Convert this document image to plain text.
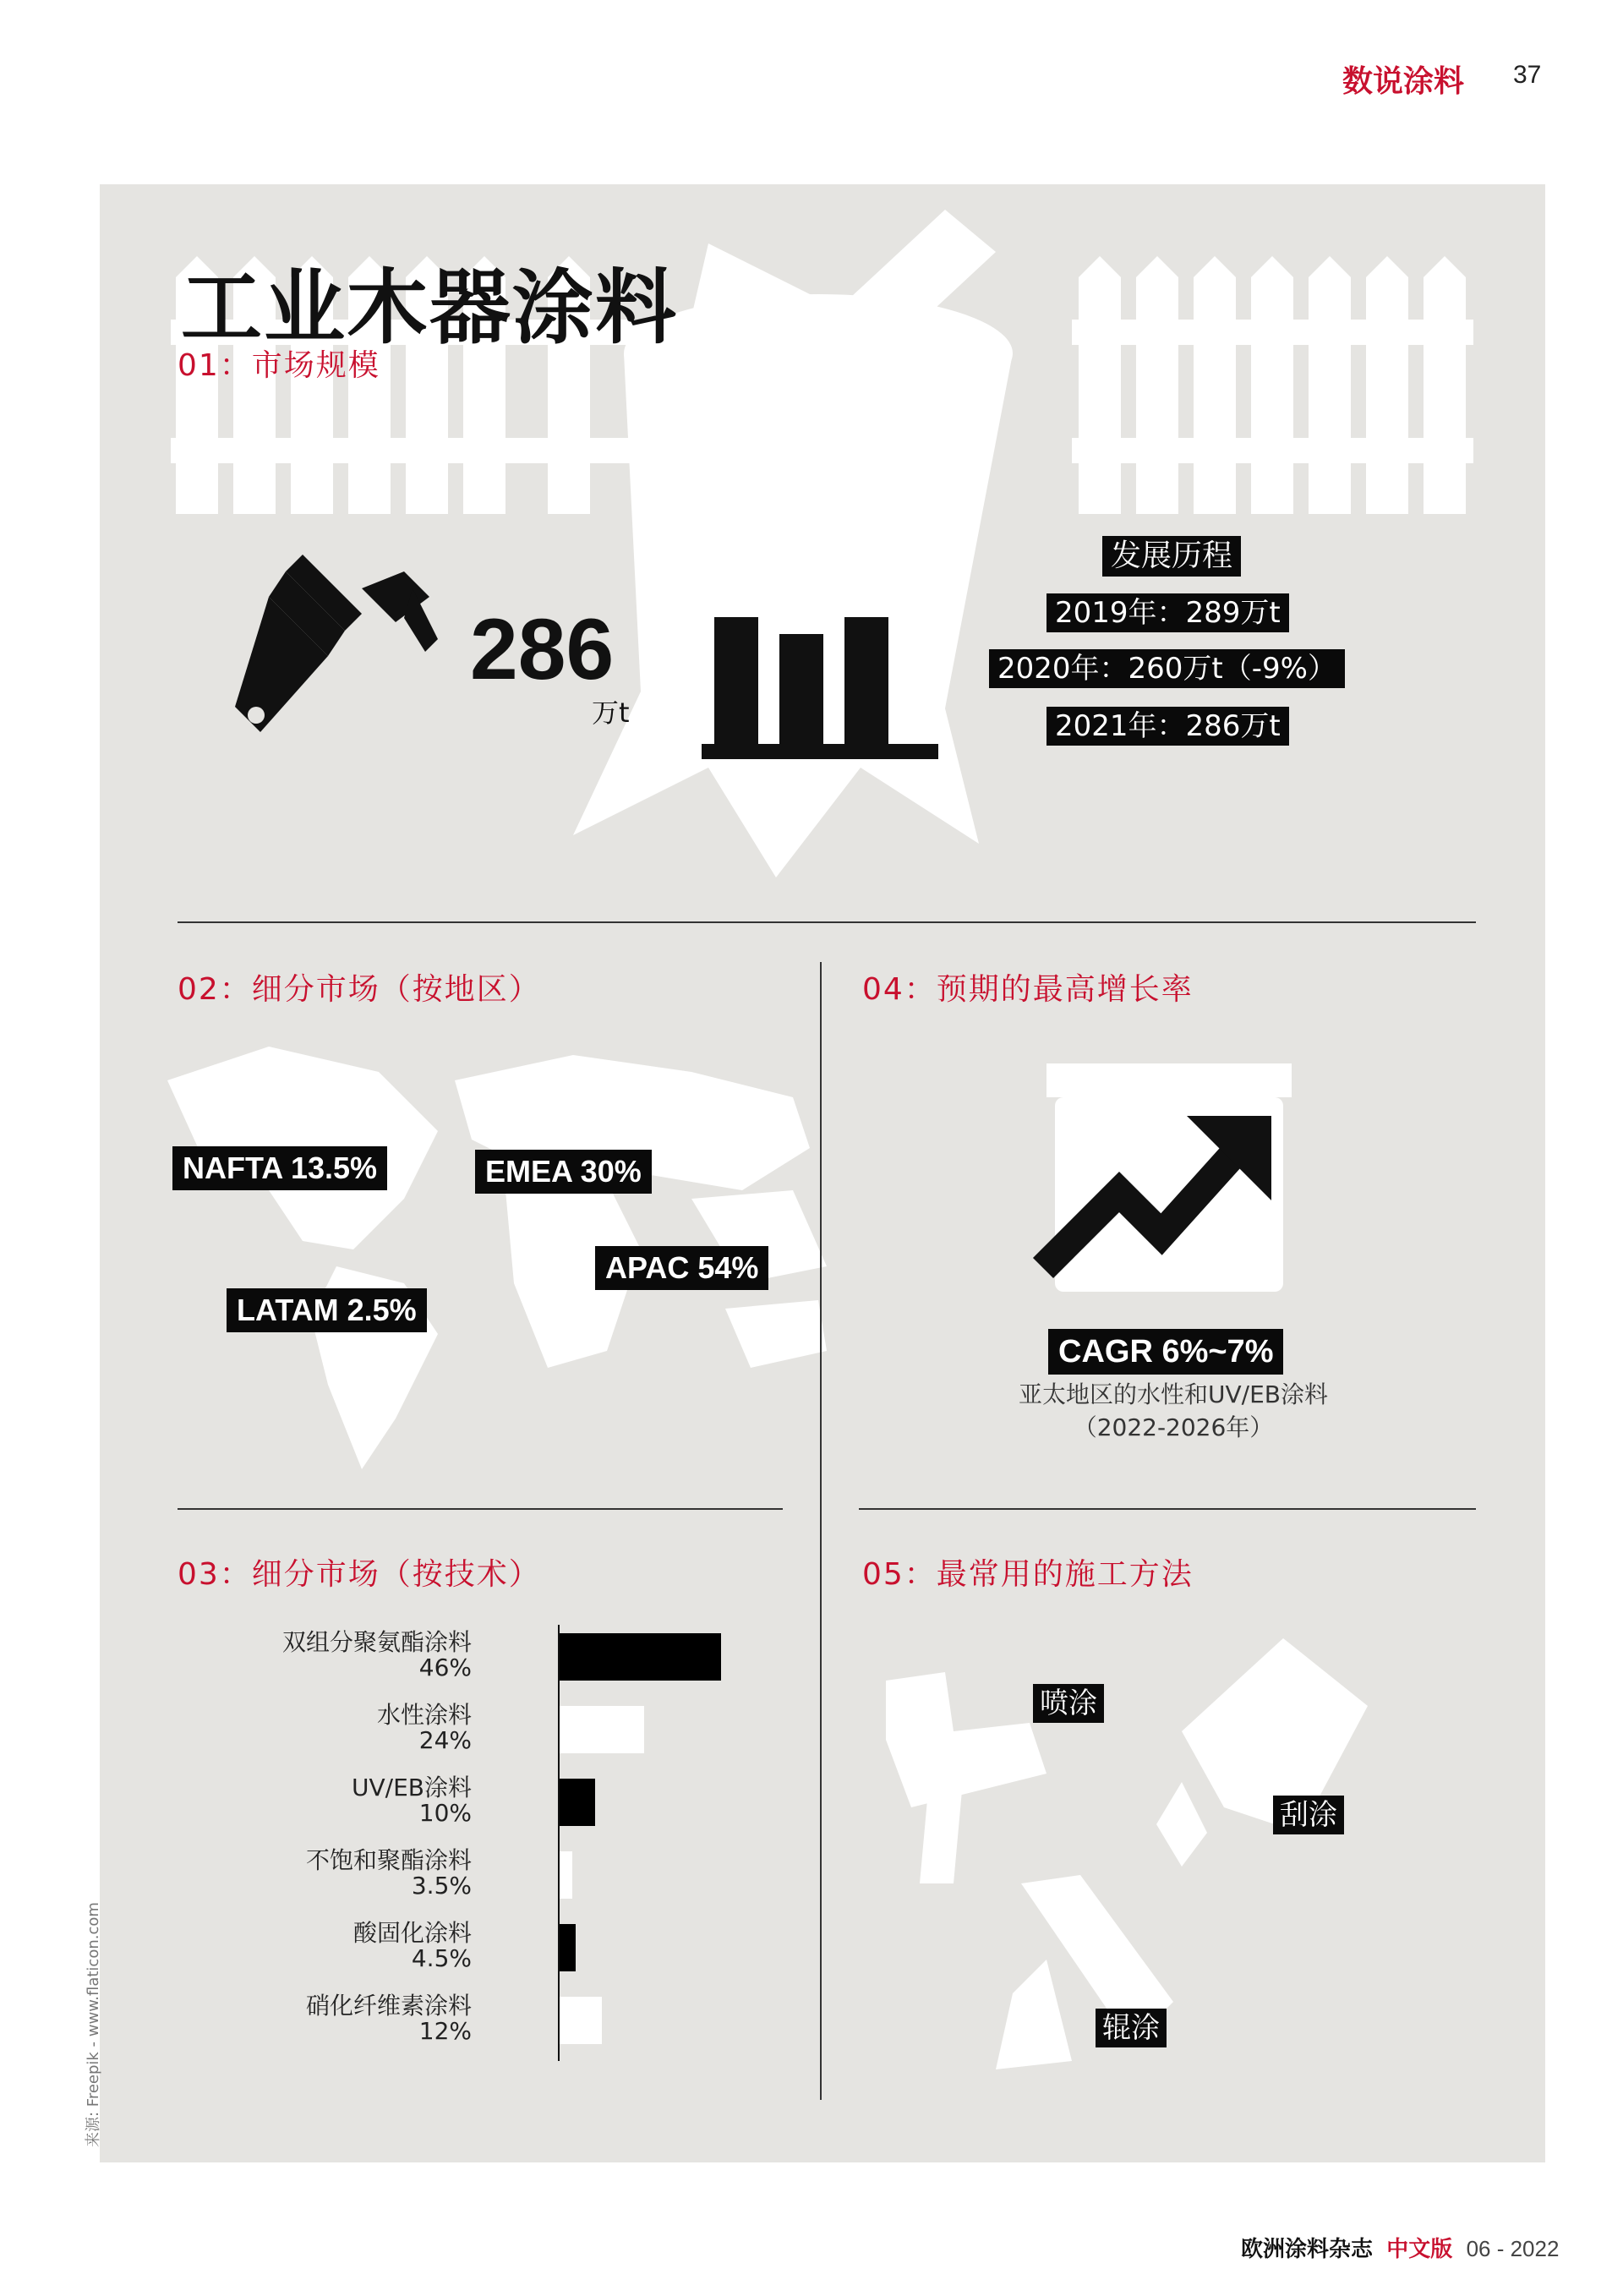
数说涂料 37
工业木器涂料
01：市场规模
286
万t
发展历程
2019年：289万t
2020年：260万t（-9%）
2021年：286万t
02：细分市场（按地区）
NAFTA 13.5%	EMEA 30%
APAC 54%
LATAM 2.5%
04：预期的最高增长率
CAGR 6%~7%
亚太地区的水性和UV/EB涂料
（2022-2026年）
03：细分市场（按技术）
双组分聚氨酯涂料
46%
水性涂料
24%
UV/EB涂料
10%
不饱和聚酯涂料
3.5%
酸固化涂料
4.5%
硝化纤维素涂料
12%
05：最常用的施工方法
喷涂
刮涂
辊涂
来源: Freepik - www.flaticon.com
欧洲涂料杂志 中文版 06 - 2022
